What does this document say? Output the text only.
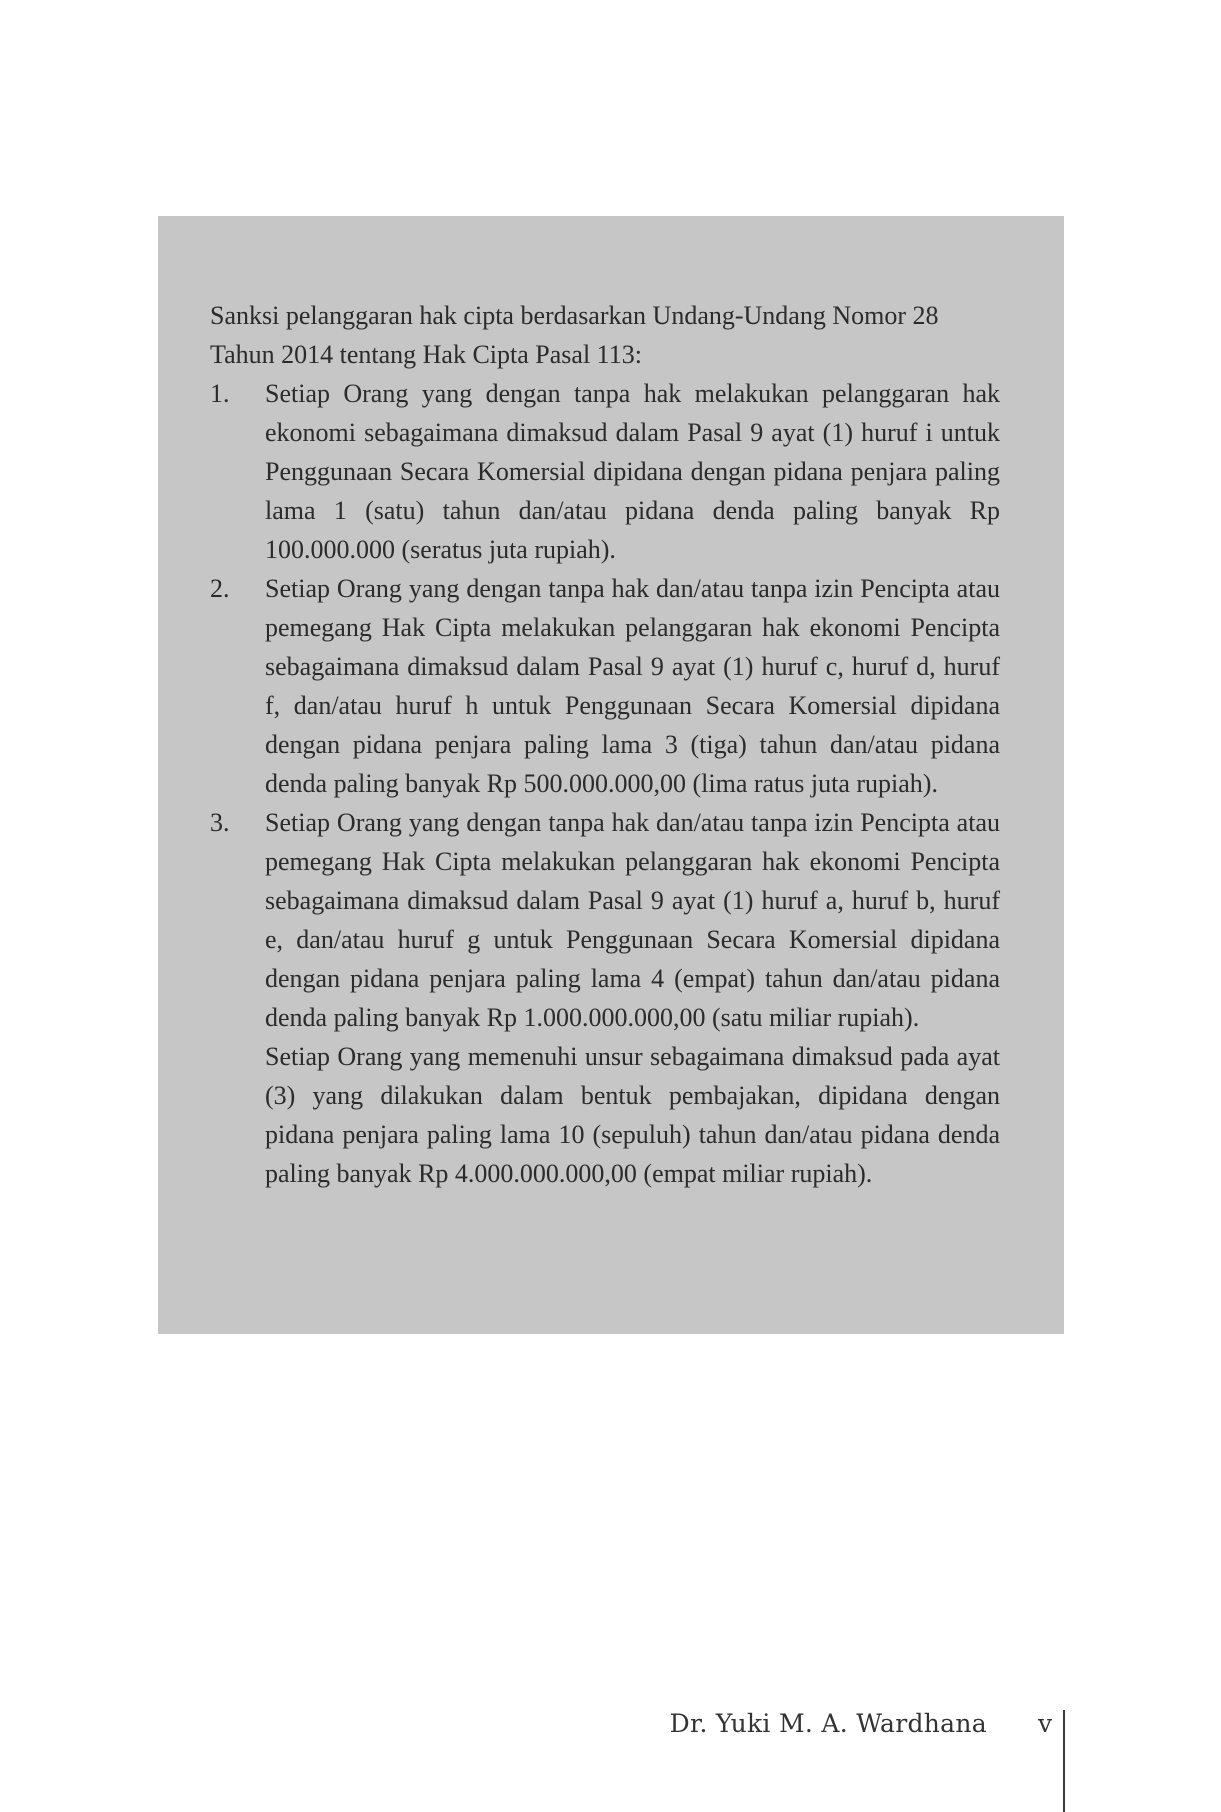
Sanksi pelanggaran hak cipta berdasarkan Undang-Undang Nomor 28
Tahun 2014 tentang Hak Cipta Pasal 113:

1.	Setiap Orang yang dengan tanpa hak melakukan pelanggaran hak ekonomi sebagaimana dimaksud dalam Pasal 9 ayat (1) huruf i untuk Penggunaan Secara Komersial dipidana dengan pidana penjara paling lama 1 (satu) tahun dan/atau pidana denda paling banyak Rp 100.000.000 (seratus juta rupiah).

2.	Setiap Orang yang dengan tanpa hak dan/atau tanpa izin Pencipta atau pemegang Hak Cipta melakukan pelanggaran hak ekonomi Pencipta sebagaimana dimaksud dalam Pasal 9 ayat (1) huruf c, huruf d, huruf f, dan/atau huruf h untuk Penggunaan Secara Komersial dipidana dengan pidana penjara paling lama 3 (tiga) tahun dan/atau pidana denda paling banyak Rp 500.000.000,00 (lima ratus juta rupiah).

3.	Setiap Orang yang dengan tanpa hak dan/atau tanpa izin Pencipta atau pemegang Hak Cipta melakukan pelanggaran hak ekonomi Pencipta sebagaimana dimaksud dalam Pasal 9 ayat (1) huruf a, huruf b, huruf e, dan/atau huruf g untuk Penggunaan Secara Komersial dipidana dengan pidana penjara paling lama 4 (empat) tahun dan/atau pidana denda paling banyak Rp 1.000.000.000,00 (satu miliar rupiah).

Setiap Orang yang memenuhi unsur sebagaimana dimaksud pada ayat (3) yang dilakukan dalam bentuk pembajakan, dipidana dengan pidana penjara paling lama 10 (sepuluh) tahun dan/atau pidana denda paling banyak Rp 4.000.000.000,00 (empat miliar rupiah).

Dr. Yuki M. A. Wardhana v
